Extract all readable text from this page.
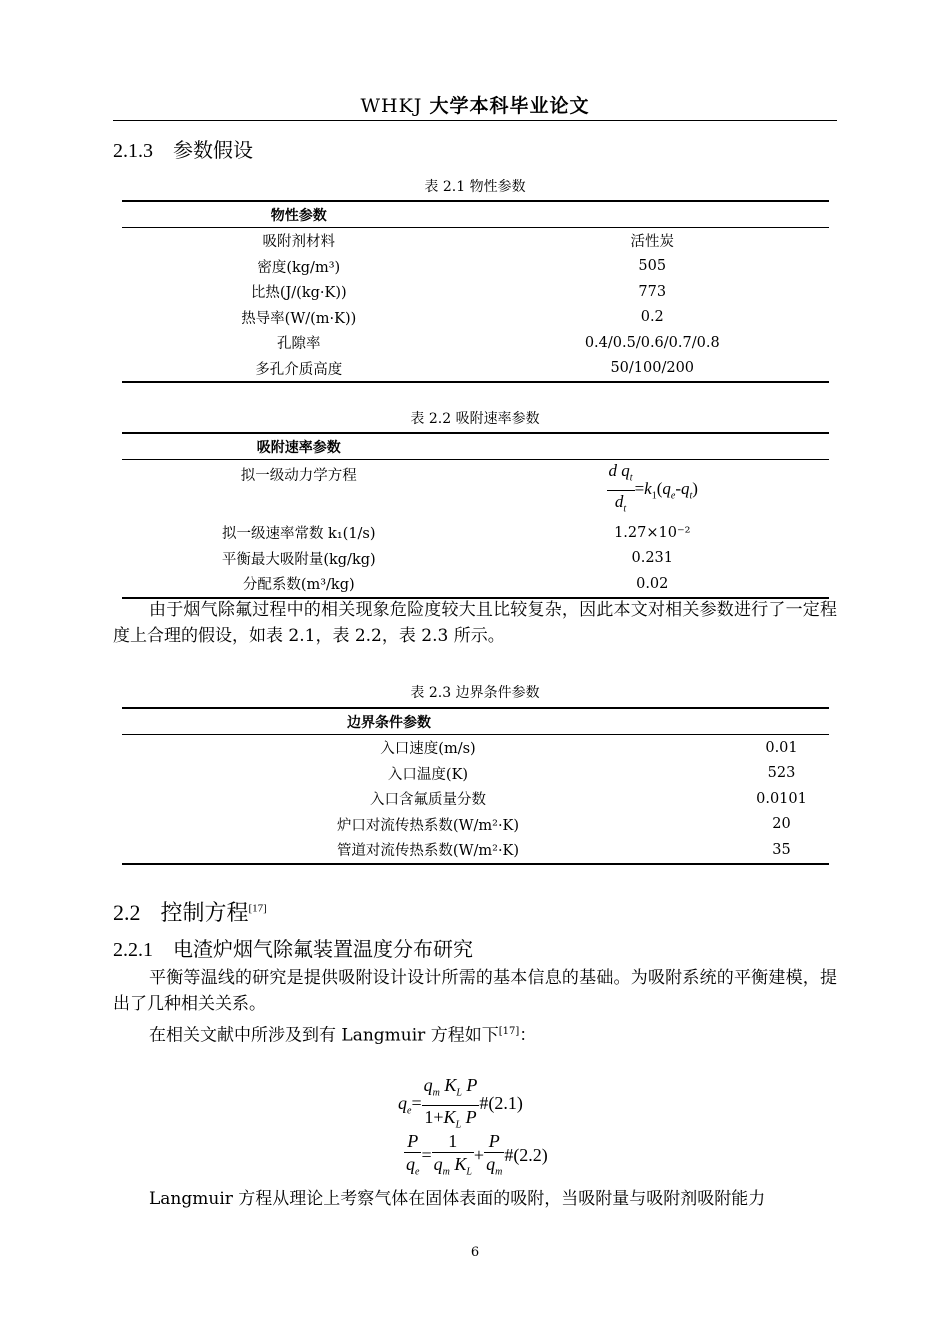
WHKJ 大学本科毕业论文
2.1.3 参数假设
表 2.1 物性参数
物性参数	
吸附剂材料	活性炭
密度(kg/m³)	505
比热(J/(kg·K))	773
热导率(W/(m·K))	0.2
孔隙率	0.4/0.5/0.6/0.7/0.8
多孔介质高度	50/100/200
表 2.2 吸附速率参数
吸附速率参数	
拟一级动力学方程	$\frac{d q_t}{d_t} =k_1(q_e-q_t)$
拟一级速率常数 k₁(1/s)	1.27×10⁻²
平衡最大吸附量(kg/kg)	0.231
分配系数(m³/kg)	0.02
由于烟气除氟过程中的相关现象危险度较大且比较复杂，因此本文对相关参数进行了一定程度上合理的假设，如表 2.1，表 2.2，表 2.3 所示。
表 2.3 边界条件参数
边界条件参数	
入口速度(m/s)	0.01
入口温度(K)	523
入口含氟质量分数	0.0101
炉口对流传热系数(W/m²·K)	20
管道对流传热系数(W/m²·K)	35
2.2 控制方程[17]
2.2.1 电渣炉烟气除氟装置温度分布研究
平衡等温线的研究是提供吸附设计设计所需的基本信息的基础。为吸附系统的平衡建模，提出了几种相关关系。
在相关文献中所涉及到有 Langmuir 方程如下[17]：
$q_e= \frac{q_m K_L P}{1+K_L P}$ #(2.1)
$\frac{P}{q_e} = \frac{1}{q_m K_L} + \frac{P}{q_m}$ #(2.2)
Langmuir 方程从理论上考察气体在固体表面的吸附，当吸附量与吸附剂吸附能力
6
